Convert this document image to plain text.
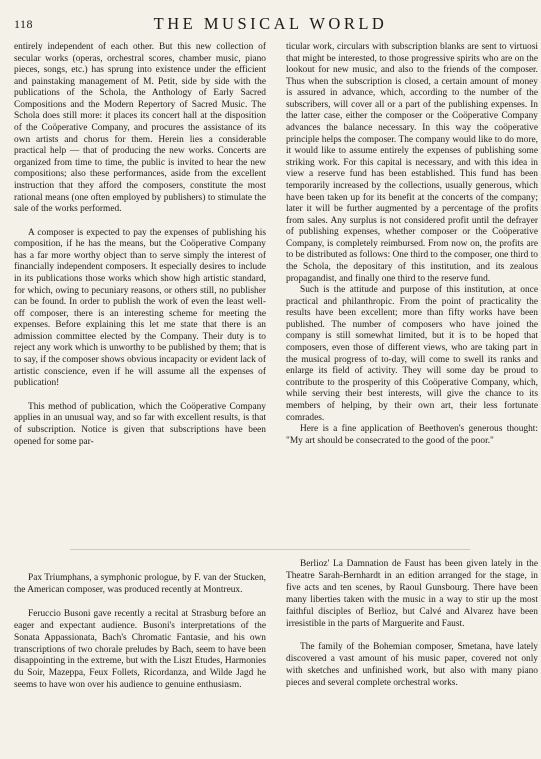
118	THE MUSICAL WORLD

entirely independent of each other. But this new collection of secular works (operas, orchestral scores, chamber music, piano pieces, songs, etc.) has sprung into existence under the efficient and painstaking management of M. Petit, side by side with the publications of the Schola, the Anthology of Early Sacred Compositions and the Modern Repertory of Sacred Music. The Schola does still more: it places its concert hall at the disposition of the Coöperative Company, and procures the assistance of its own artists and chorus for them. Herein lies a considerable practical help — that of producing the new works. Concerts are organized from time to time, the public is invited to hear the new compositions; also these performances, aside from the excellent instruction that they afford the composers, constitute the most rational means (one often employed by publishers) to stimulate the sale of the works performed.

A composer is expected to pay the expenses of publishing his composition, if he has the means, but the Coöperative Company has a far more worthy object than to serve simply the interest of financially independent composers. It especially desires to include in its publications those works which show high artistic standard, for which, owing to pecuniary reasons, or others still, no publisher can be found. In order to publish the work of even the least well-off composer, there is an interesting scheme for meeting the expenses. Before explaining this let me state that there is an admission committee elected by the Company. Their duty is to reject any work which is unworthy to be published by them; that is to say, if the composer shows obvious incapacity or evident lack of artistic conscience, even if he will assume all the expenses of publication!

This method of publication, which the Coöperative Company applies in an unusual way, and so far with excellent results, is that of subscription. Notice is given that subscriptions have been opened for some par-

ticular work, circulars with subscription blanks are sent to virtuosi that might be interested, to those progressive spirits who are on the lookout for new music, and also to the friends of the composer. Thus when the subscription is closed, a certain amount of money is assured in advance, which, according to the number of the subscribers, will cover all or a part of the publishing expenses. In the latter case, either the composer or the Coöperative Company advances the balance necessary. In this way the coöperative principle helps the composer. The company would like to do more, it would like to assume entirely the expenses of publishing some striking work. For this capital is necessary, and with this idea in view a reserve fund has been established. This fund has been temporarily increased by the collections, usually generous, which have been taken up for its benefit at the concerts of the company; later it will be further augmented by a percentage of the profits from sales. Any surplus is not considered profit until the defrayer of publishing expenses, whether composer or the Coöperative Company, is completely reimbursed. From now on, the profits are to be distributed as follows: One third to the composer, one third to the Schola, the depositary of this institution, and its zealous propagandist, and finally one third to the reserve fund.

Such is the attitude and purpose of this institution, at once practical and philanthropic. From the point of practicality the results have been excellent; more than fifty works have been published. The number of composers who have joined the company is still somewhat limited, but it is to be hoped that composers, even those of different views, who are taking part in the musical progress of to-day, will come to swell its ranks and enlarge its field of activity. They will some day be proud to contribute to the prosperity of this Coöperative Company, which, while serving their best interests, will give the chance to its members of helping, by their own art, their less fortunate comrades.

Here is a fine application of Beethoven's generous thought: "My art should be consecrated to the good of the poor."

Pax Triumphans, a symphonic prologue, by F. van der Stucken, the American composer, was produced recently at Montreux.

Feruccio Busoni gave recently a recital at Strasburg before an eager and expectant audience. Busoni's interpretations of the Sonata Appassionata, Bach's Chromatic Fantasie, and his own transcriptions of two chorale preludes by Bach, seem to have been disappointing in the extreme, but with the Liszt Etudes, Harmonies du Soir, Mazeppa, Feux Follets, Ricordanza, and Wilde Jagd he seems to have won over his audience to genuine enthusiasm.

Berlioz' La Damnation de Faust has been given lately in the Theatre Sarah-Bernhardt in an edition arranged for the stage, in five acts and ten scenes, by Raoul Gunsbourg. There have been many liberties taken with the music in a way to stir up the most faithful disciples of Berlioz, but Calvé and Alvarez have been irresistible in the parts of Marguerite and Faust.

The family of the Bohemian composer, Smetana, have lately discovered a vast amount of his music paper, covered not only with sketches and unfinished work, but also with many piano pieces and several complete orchestral works.
